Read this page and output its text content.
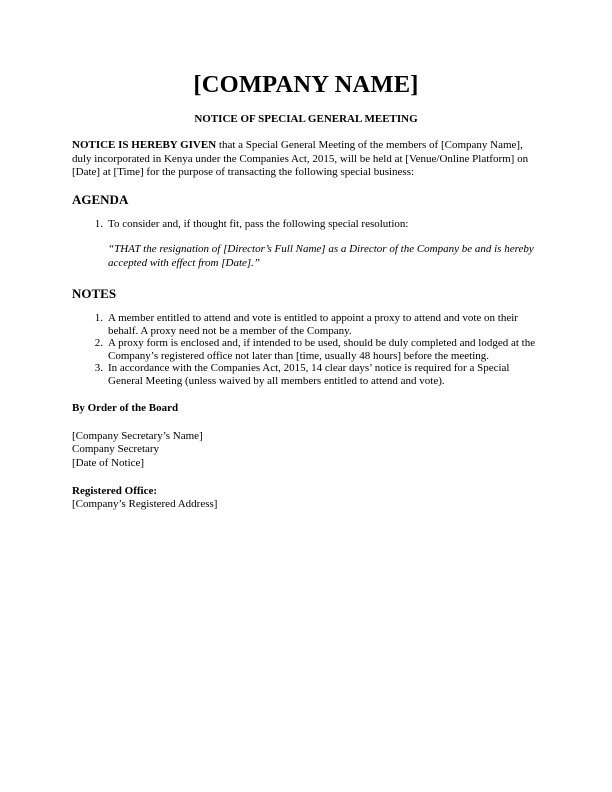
[COMPANY NAME]

NOTICE OF SPECIAL GENERAL MEETING

NOTICE IS HEREBY GIVEN that a Special General Meeting of the members of [Company Name], duly incorporated in Kenya under the Companies Act, 2015, will be held at [Venue/Online Platform] on [Date] at [Time] for the purpose of transacting the following special business:

AGENDA
1. To consider and, if thought fit, pass the following special resolution:

“THAT the resignation of [Director’s Full Name] as a Director of the Company be and is hereby accepted with effect from [Date].”

NOTES
1. A member entitled to attend and vote is entitled to appoint a proxy to attend and vote on their behalf. A proxy need not be a member of the Company.
2. A proxy form is enclosed and, if intended to be used, should be duly completed and lodged at the Company’s registered office not later than [time, usually 48 hours] before the meeting.
3. In accordance with the Companies Act, 2015, 14 clear days’ notice is required for a Special General Meeting (unless waived by all members entitled to attend and vote).

By Order of the Board

[Company Secretary’s Name]
Company Secretary
[Date of Notice]
Registered Office:
[Company’s Registered Address]
